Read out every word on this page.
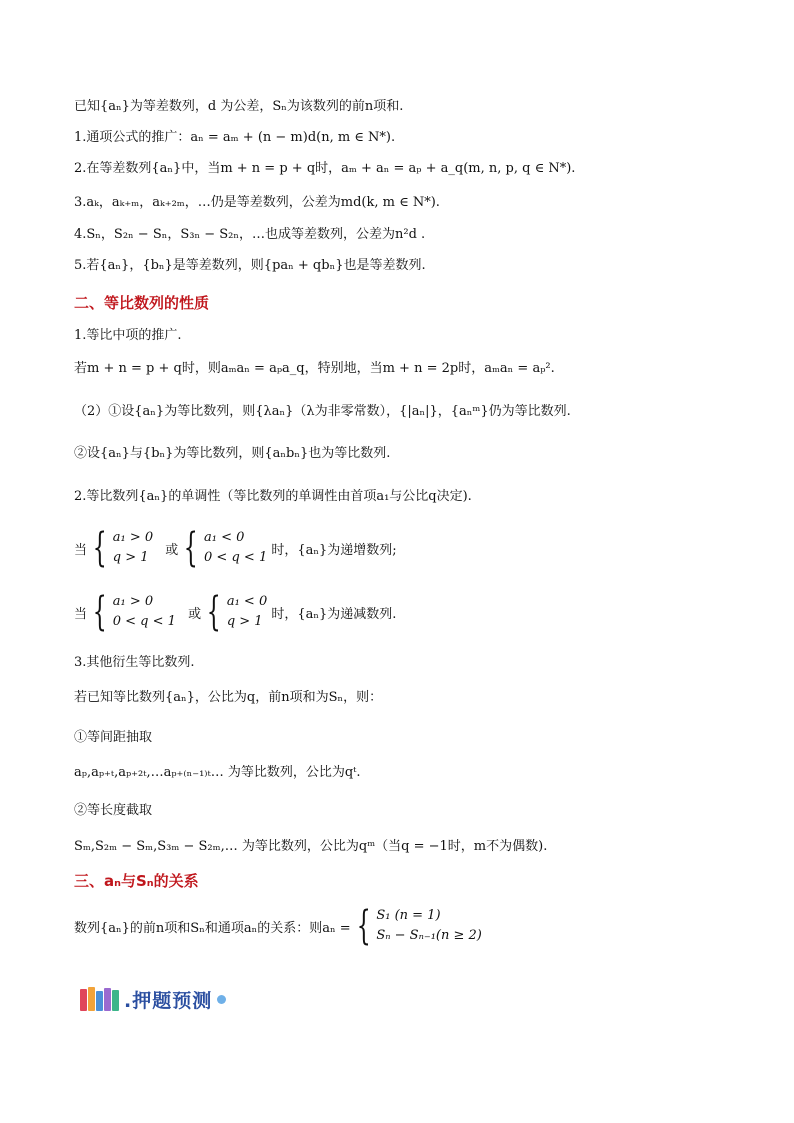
已知{aₙ}为等差数列，d 为公差，Sₙ为该数列的前n项和.
1.通项公式的推广：aₙ = aₘ + (n − m)d(n, m ∈ N*).
2.在等差数列{aₙ}中，当m + n = p + q时，aₘ + aₙ = aₚ + a_q(m, n, p, q ∈ N*).
3.aₖ，aₖ₊ₘ，aₖ₊₂ₘ，…仍是等差数列，公差为md(k, m ∈ N*).
4.Sₙ，S₂ₙ − Sₙ，S₃ₙ − S₂ₙ，…也成等差数列，公差为n²d .
5.若{aₙ}，{bₙ}是等差数列，则{paₙ + qbₙ}也是等差数列.
二、等比数列的性质
1.等比中项的推广.
若m + n = p + q时，则aₘaₙ = aₚa_q，特别地，当m + n = 2p时，aₘaₙ = aₚ².
（2）①设{aₙ}为等比数列，则{λaₙ}（λ为非零常数），{|aₙ|}，{aₙᵐ}仍为等比数列.
②设{aₙ}与{bₙ}为等比数列，则{aₙbₙ}也为等比数列.
2.等比数列{aₙ}的单调性（等比数列的单调性由首项a₁与公比q决定).
当 { a₁ > 0
q > 1	或 { a₁ < 0
0 < q < 1 时，{aₙ}为递增数列;
当 { a₁ > 0
0 < q < 1 或 { a₁ < 0
q > 1 时，{aₙ}为递减数列.
3.其他衍生等比数列.
若已知等比数列{aₙ}，公比为q，前n项和为Sₙ，则：
①等间距抽取
aₚ,aₚ₊ₜ,aₚ₊₂ₜ,…aₚ₊₍ₙ₋₁₎ₜ… 为等比数列，公比为qᵗ.
②等长度截取
Sₘ,S₂ₘ − Sₘ,S₃ₘ − S₂ₘ,… 为等比数列，公比为qᵐ（当q = −1时，m不为偶数).
三、aₙ与Sₙ的关系
数列{aₙ}的前n项和Sₙ和通项aₙ的关系：则aₙ = { S₁ (n = 1)
Sₙ − Sₙ₋₁(n ≥ 2)
.押题预测
